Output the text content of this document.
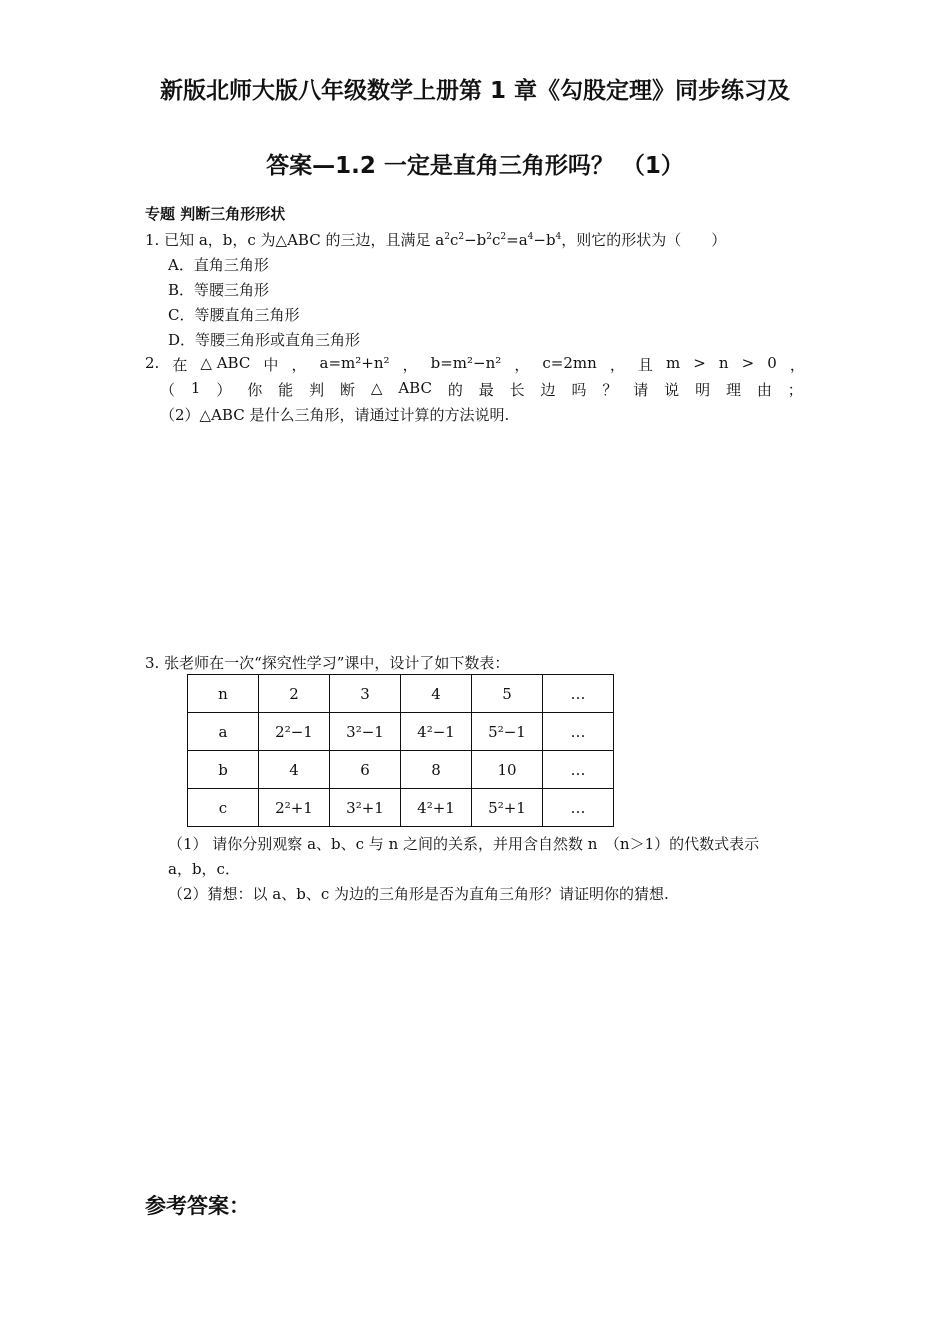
新版北师大版八年级数学上册第 1 章《勾股定理》同步练习及
答案—1.2 一定是直角三角形吗？ （1）
专题 判断三角形形状
1. 已知 a，b，c 为△ABC 的三边，且满足 $a^2c^2-b^2c^2=a^4-b^4$，则它的形状为（　　）
A．直角三角形
B．等腰三角形
C．等腰直角三角形
D．等腰三角形或直角三角形
2. 在 △ ABC 中 ， a=m²+n² ， b=m²−n² ， c=2mn ， 且 m > n > 0 ，
（ 1 ） 你 能 判 断 △ ABC 的 最 长 边 吗 ？ 请 说 明 理 由 ；
（2）△ABC 是什么三角形，请通过计算的方法说明.
3. 张老师在一次“探究性学习”课中，设计了如下数表：
n	2	3	4	5	…
a	2²−1	3²−1	4²−1	5²−1	…
b	4	6	8	10	…
c	2²+1	3²+1	4²+1	5²+1	…
（1） 请你分别观察 a、b、c 与 n 之间的关系，并用含自然数 n　（n＞1）的代数式表示
a，b，c．
（2）猜想：以 a、b、c 为边的三角形是否为直角三角形？请证明你的猜想.
参考答案：
